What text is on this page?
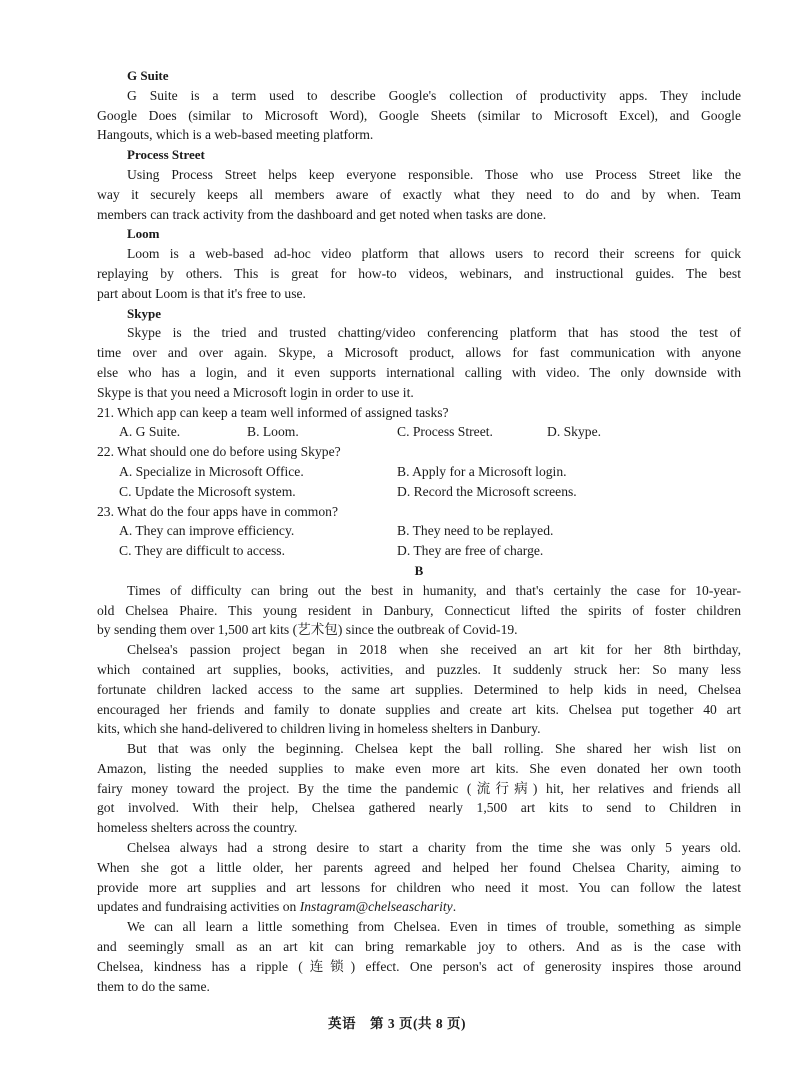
G Suite
G Suite is a term used to describe Google's collection of productivity apps. They include
Google Does (similar to Microsoft Word), Google Sheets (similar to Microsoft Excel), and Google
Hangouts, which is a web-based meeting platform.
Process Street
Using Process Street helps keep everyone responsible. Those who use Process Street like the
way it securely keeps all members aware of exactly what they need to do and by when. Team
members can track activity from the dashboard and get noted when tasks are done.
Loom
Loom is a web-based ad-hoc video platform that allows users to record their screens for quick
replaying by others. This is great for how-to videos, webinars, and instructional guides. The best
part about Loom is that it's free to use.
Skype
Skype is the tried and trusted chatting/video conferencing platform that has stood the test of
time over and over again. Skype, a Microsoft product, allows for fast communication with anyone
else who has a login, and it even supports international calling with video. The only downside with
Skype is that you need a Microsoft login in order to use it.
21. Which app can keep a team well informed of assigned tasks?
A. G Suite.	B. Loom.	C. Process Street.	D. Skype.
22. What should one do before using Skype?
A. Specialize in Microsoft Office.	B. Apply for a Microsoft login.
C. Update the Microsoft system.	D. Record the Microsoft screens.
23. What do the four apps have in common?
A. They can improve efficiency.	B. They need to be replayed.
C. They are difficult to access.	D. They are free of charge.
B
Times of difficulty can bring out the best in humanity, and that's certainly the case for 10-year-
old Chelsea Phaire. This young resident in Danbury, Connecticut lifted the spirits of foster children
by sending them over 1,500 art kits (艺术包) since the outbreak of Covid-19.
Chelsea's passion project began in 2018 when she received an art kit for her 8th birthday,
which contained art supplies, books, activities, and puzzles. It suddenly struck her: So many less
fortunate children lacked access to the same art supplies. Determined to help kids in need, Chelsea
encouraged her friends and family to donate supplies and create art kits. Chelsea put together 40 art
kits, which she hand-delivered to children living in homeless shelters in Danbury.
But that was only the beginning. Chelsea kept the ball rolling. She shared her wish list on
Amazon, listing the needed supplies to make even more art kits. She even donated her own tooth
fairy money toward the project. By the time the pandemic (流行病) hit, her relatives and friends all
got involved. With their help, Chelsea gathered nearly 1,500 art kits to send to Children in
homeless shelters across the country.
Chelsea always had a strong desire to start a charity from the time she was only 5 years old.
When she got a little older, her parents agreed and helped her found Chelsea Charity, aiming to
provide more art supplies and art lessons for children who need it most. You can follow the latest
updates and fundraising activities on Instagram@chelseascharity.
We can all learn a little something from Chelsea. Even in times of trouble, something as simple
and seemingly small as an art kit can bring remarkable joy to others. And as is the case with
Chelsea, kindness has a ripple (连锁) effect. One person's act of generosity inspires those around
them to do the same.
英语　第 3 页(共 8 页)
